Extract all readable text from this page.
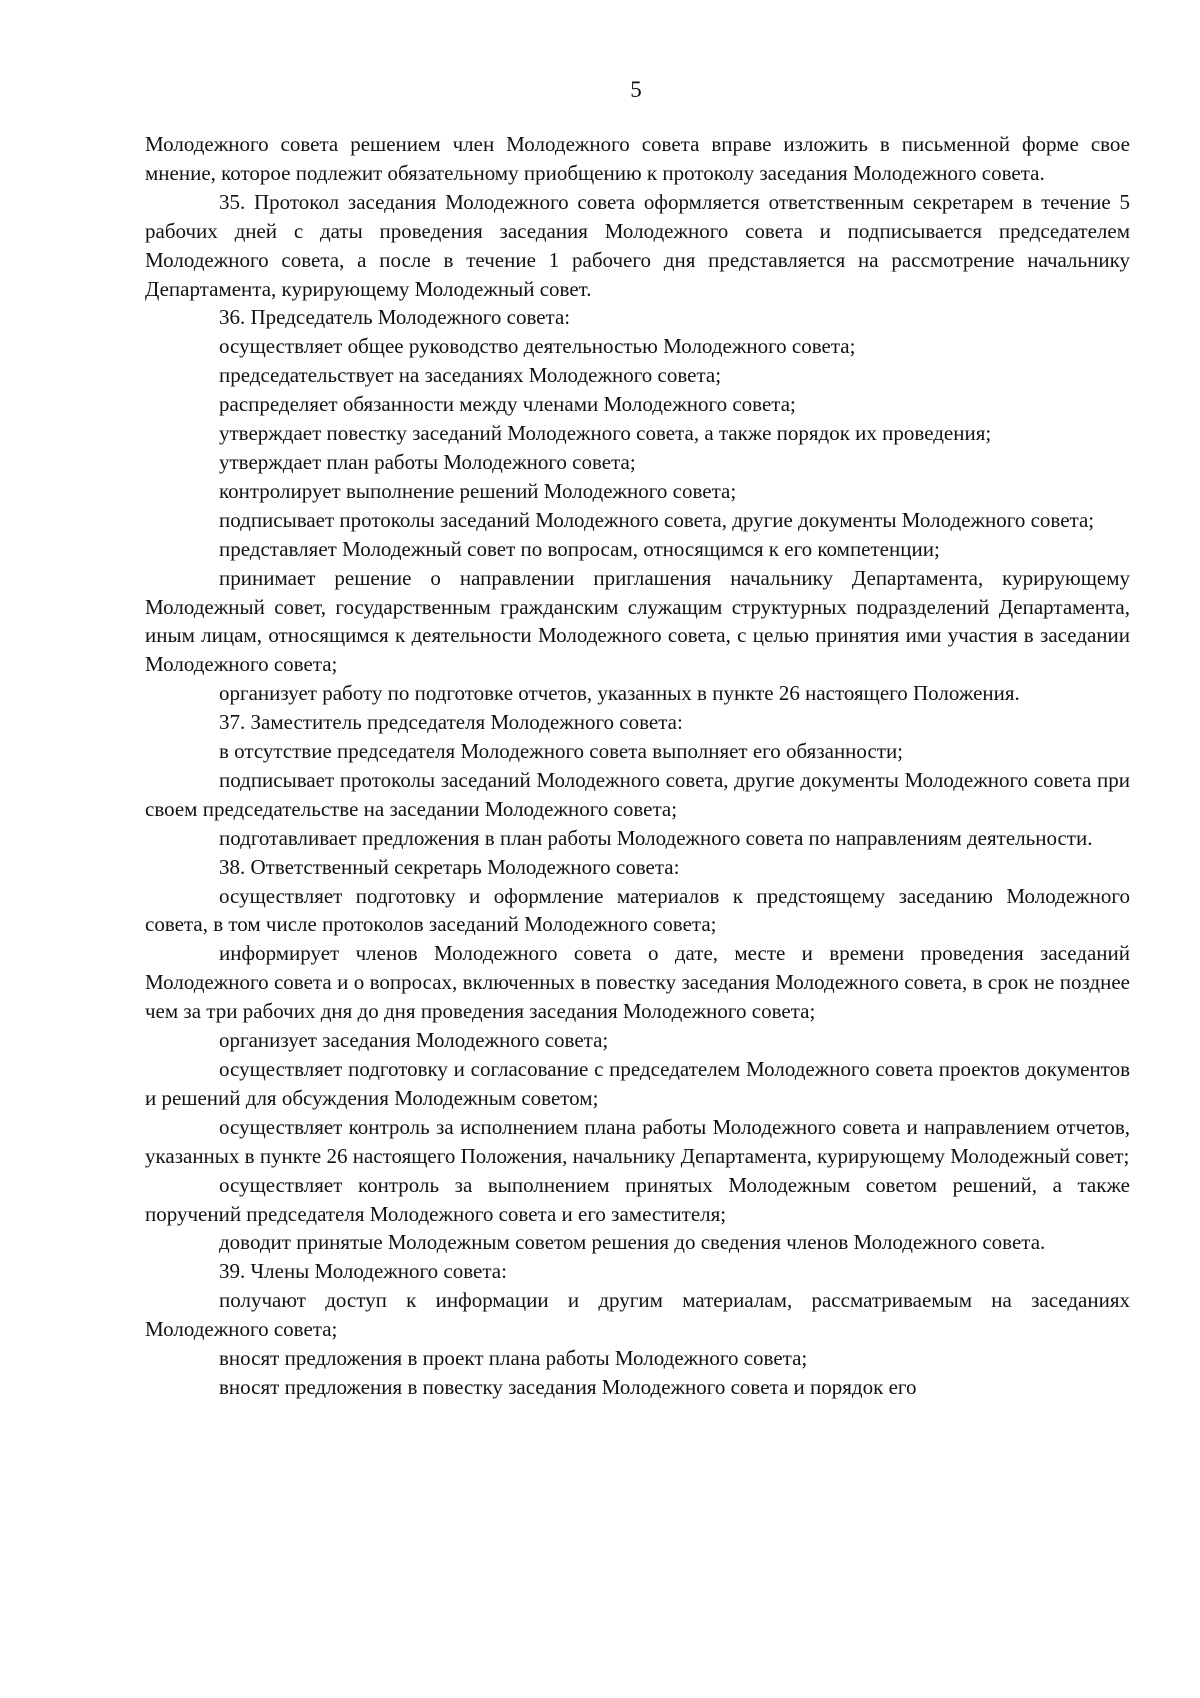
5

Молодежного совета решением член Молодежного совета вправе изложить в письменной форме свое мнение, которое подлежит обязательному приобщению к протоколу заседания Молодежного совета.

35. Протокол заседания Молодежного совета оформляется ответственным секретарем в течение 5 рабочих дней с даты проведения заседания Молодежного совета и подписывается председателем Молодежного совета, а после в течение 1 рабочего дня представляется на рассмотрение начальнику Департамента, курирующему Молодежный совет.

36. Председатель Молодежного совета:

осуществляет общее руководство деятельностью Молодежного совета;

председательствует на заседаниях Молодежного совета;

распределяет обязанности между членами Молодежного совета;

утверждает повестку заседаний Молодежного совета, а также порядок их проведения;

утверждает план работы Молодежного совета;

контролирует выполнение решений Молодежного совета;

подписывает протоколы заседаний Молодежного совета, другие документы Молодежного совета;

представляет Молодежный совет по вопросам, относящимся к его компетенции;

принимает решение о направлении приглашения начальнику Департамента, курирующему Молодежный совет, государственным гражданским служащим структурных подразделений Департамента, иным лицам, относящимся к деятельности Молодежного совета, с целью принятия ими участия в заседании Молодежного совета;

организует работу по подготовке отчетов, указанных в пункте 26 настоящего Положения.

37. Заместитель председателя Молодежного совета:

в отсутствие председателя Молодежного совета выполняет его обязанности;

подписывает протоколы заседаний Молодежного совета, другие документы Молодежного совета при своем председательстве на заседании Молодежного совета;

подготавливает предложения в план работы Молодежного совета по направлениям деятельности.

38. Ответственный секретарь Молодежного совета:

осуществляет подготовку и оформление материалов к предстоящему заседанию Молодежного совета, в том числе протоколов заседаний Молодежного совета;

информирует членов Молодежного совета о дате, месте и времени проведения заседаний Молодежного совета и о вопросах, включенных в повестку заседания Молодежного совета, в срок не позднее чем за три рабочих дня до дня проведения заседания Молодежного совета;

организует заседания Молодежного совета;

осуществляет подготовку и согласование с председателем Молодежного совета проектов документов и решений для обсуждения Молодежным советом;

осуществляет контроль за исполнением плана работы Молодежного совета и направлением отчетов, указанных в пункте 26 настоящего Положения, начальнику Департамента, курирующему Молодежный совет;

осуществляет контроль за выполнением принятых Молодежным советом решений, а также поручений председателя Молодежного совета и его заместителя;

доводит принятые Молодежным советом решения до сведения членов Молодежного совета.

39. Члены Молодежного совета:

получают доступ к информации и другим материалам, рассматриваемым на заседаниях Молодежного совета;

вносят предложения в проект плана работы Молодежного совета;

вносят предложения в повестку заседания Молодежного совета и порядок его
